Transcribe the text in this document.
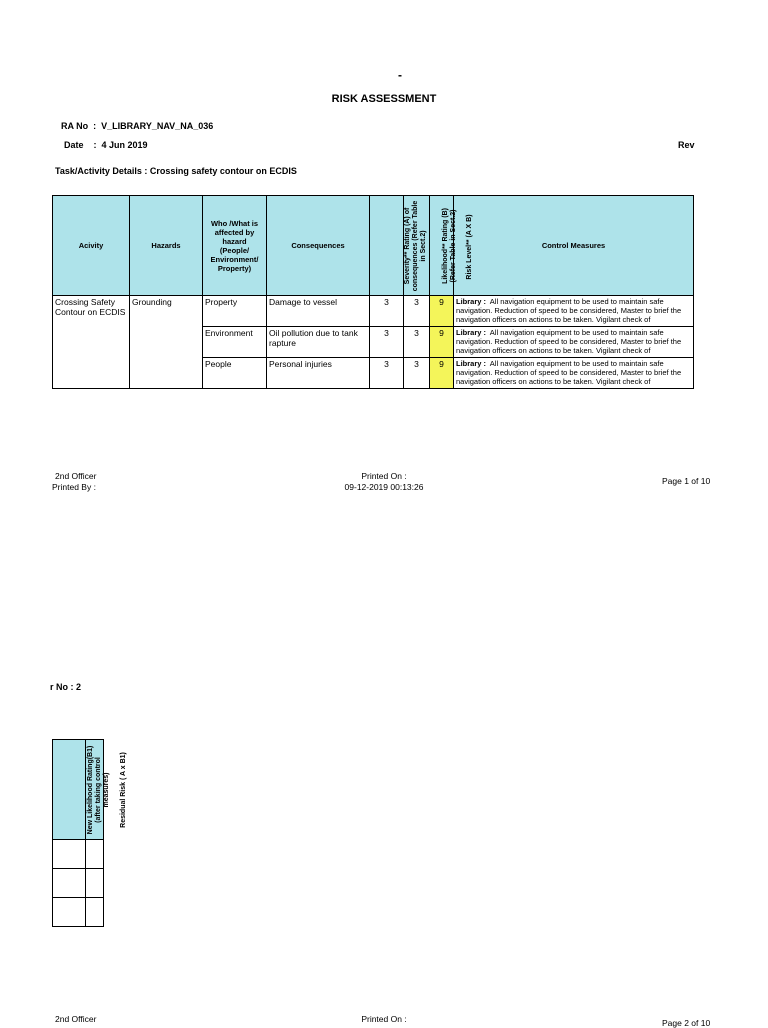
-
RISK ASSESSMENT
RA No  :  V_LIBRARY_NAV_NA_036
Date    :  4 Jun 2019	Rev
Task/Activity Details : Crossing safety contour on ECDIS
Acivity	Hazards	Who /What is affected by hazard (People/ Environment/ Property)	Consequences	Severity** Rating (A) of consequences (Refer Table in Sect.2)	Likelihood** Rating (B) (Refer Table in Sect.2)	Risk Level** (A X B)	Control Measures
Crossing Safety Contour on ECDIS	Grounding	Property	Damage to vessel	3	3	9	Library : All navigation equipment to be used to maintain safe navigation. Reduction of speed to be considered, Master to brief the navigation officers on actions to be taken. Vigilant check of
		Environment	Oil pollution due to tank rapture	3	3	9	Library : All navigation equipment to be used to maintain safe navigation. Reduction of speed to be considered, Master to brief the navigation officers on actions to be taken. Vigilant check of
		People	Personal injuries	3	3	9	Library : All navigation equipment to be used to maintain safe navigation. Reduction of speed to be considered, Master to brief the navigation officers on actions to be taken. Vigilant check of
2nd Officer
Printed By :
Printed On :
09-12-2019 00:13:26
Page 1 of 10
r No : 2
New Likelihood Rating(B1) (after taking control measures)	Residual Risk ( A x B1)

2nd Officer	Printed On :	Page 2 of 10
